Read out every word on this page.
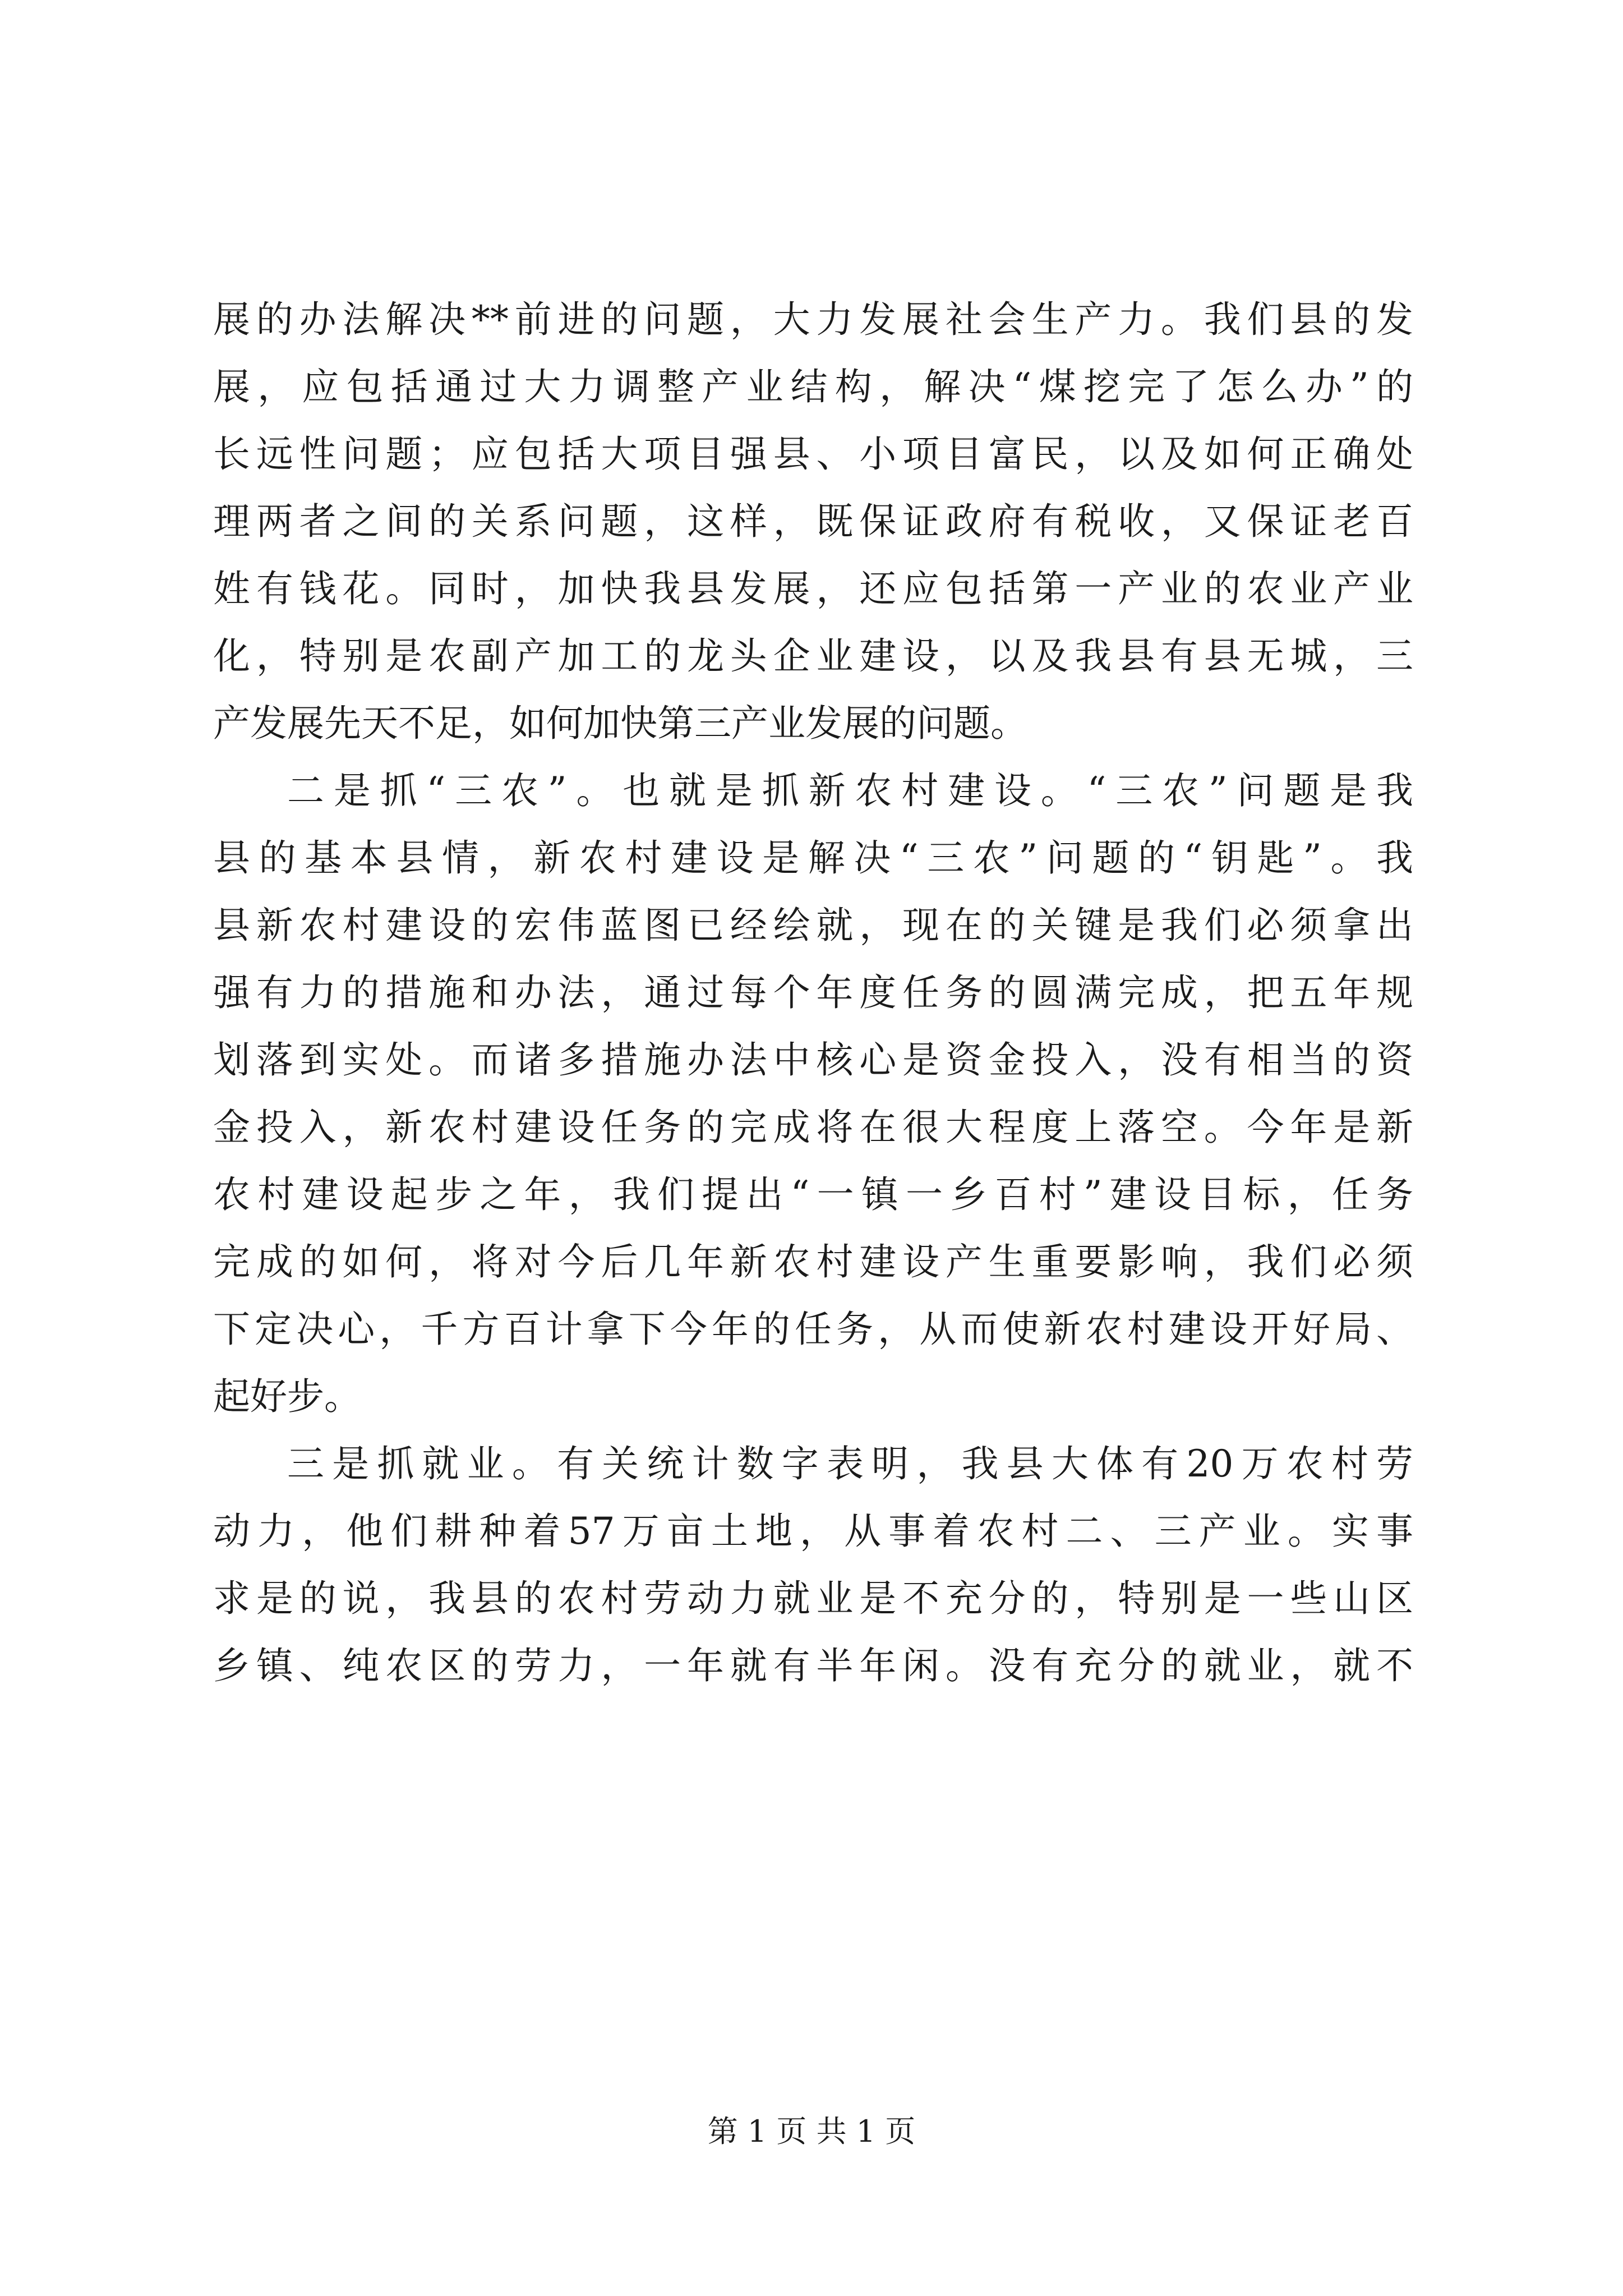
展的办法解决**前进的问题，大力发展社会生产力。我们县的发
展，应包括通过大力调整产业结构，解决“煤挖完了怎么办”的
长远性问题；应包括大项目强县、小项目富民，以及如何正确处
理两者之间的关系问题，这样，既保证政府有税收，又保证老百
姓有钱花。同时，加快我县发展，还应包括第一产业的农业产业
化，特别是农副产加工的龙头企业建设，以及我县有县无城，三
产发展先天不足，如何加快第三产业发展的问题。
二是抓“三农”。也就是抓新农村建设。“三农”问题是我
县的基本县情，新农村建设是解决“三农”问题的“钥匙”。我
县新农村建设的宏伟蓝图已经绘就，现在的关键是我们必须拿出
强有力的措施和办法，通过每个年度任务的圆满完成，把五年规
划落到实处。而诸多措施办法中核心是资金投入，没有相当的资
金投入，新农村建设任务的完成将在很大程度上落空。今年是新
农村建设起步之年，我们提出“一镇一乡百村”建设目标，任务
完成的如何，将对今后几年新农村建设产生重要影响，我们必须
下定决心，千方百计拿下今年的任务，从而使新农村建设开好局、
起好步。
三是抓就业。有关统计数字表明，我县大体有20万农村劳
动力，他们耕种着57万亩土地，从事着农村二、三产业。实事
求是的说，我县的农村劳动力就业是不充分的，特别是一些山区
乡镇、纯农区的劳力，一年就有半年闲。没有充分的就业，就不
第 1 页 共 1 页
